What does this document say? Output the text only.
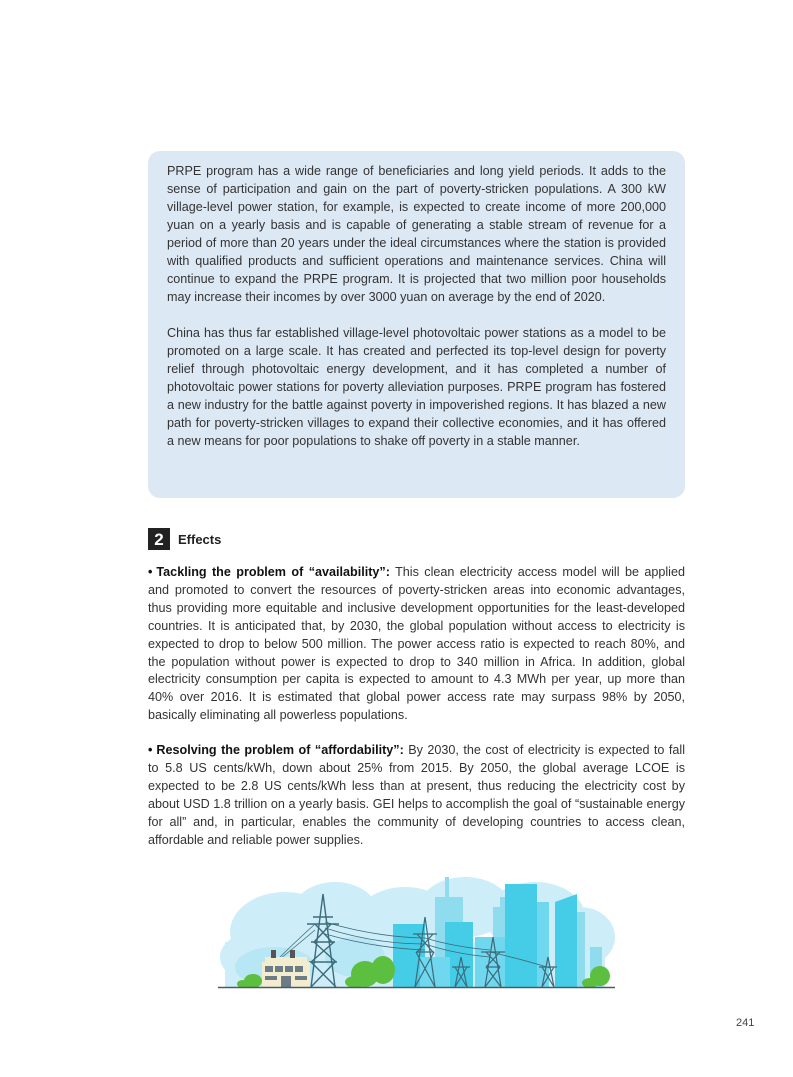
PRPE program has a wide range of beneficiaries and long yield periods. It adds to the sense of participation and gain on the part of poverty-stricken populations. A 300 kW village-level power station, for example, is expected to create income of more 200,000 yuan on a yearly basis and is capable of generating a stable stream of revenue for a period of more than 20 years under the ideal circumstances where the station is provided with qualified products and sufficient operations and maintenance services. China will continue to expand the PRPE program. It is projected that two million poor households may increase their incomes by over 3000 yuan on average by the end of 2020.

China has thus far established village-level photovoltaic power stations as a model to be promoted on a large scale. It has created and perfected its top-level design for poverty relief through photovoltaic energy development, and it has completed a number of photovoltaic power stations for poverty alleviation purposes. PRPE program has fostered a new industry for the battle against poverty in impoverished regions. It has blazed a new path for poverty-stricken villages to expand their collective economies, and it has offered a new means for poor populations to shake off poverty in a stable manner.

2	Effects

• Tackling the problem of “availability”: This clean electricity access model will be applied and promoted to convert the resources of poverty-stricken areas into economic advantages, thus providing more equitable and inclusive development opportunities for the least-developed countries. It is anticipated that, by 2030, the global population without access to electricity is expected to drop to below 500 million. The power access ratio is expected to reach 80%, and the population without power is expected to drop to 340 million in Africa. In addition, global electricity consumption per capita is expected to amount to 4.3 MWh per year, up more than 40% over 2016. It is estimated that global power access rate may surpass 98% by 2050, basically eliminating all powerless populations.

• Resolving the problem of “affordability”: By 2030, the cost of electricity is expected to fall to 5.8 US cents/kWh, down about 25% from 2015. By 2050, the global average LCOE is expected to be 2.8 US cents/kWh less than at present, thus reducing the electricity cost by about USD 1.8 trillion on a yearly basis. GEI helps to accomplish the goal of “sustainable energy for all” and, in particular, enables the community of developing countries to access clean, affordable and reliable power supplies.

241
